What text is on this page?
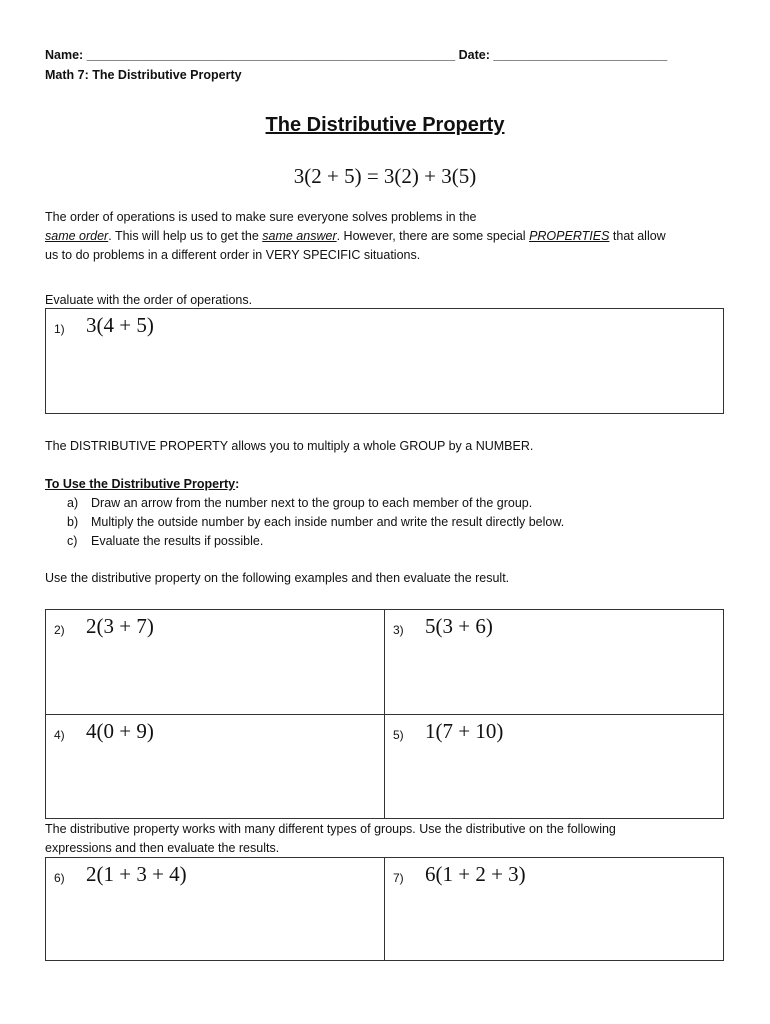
Name: _____________________________________________________ Date: _________________________
Math 7: The Distributive Property
The Distributive Property
3(2 + 5) = 3(2) + 3(5)
The order of operations is used to make sure everyone solves problems in the
same order. This will help us to get the same answer. However, there are some special PROPERTIES that allow
us to do problems in a different order in VERY SPECIFIC situations.
Evaluate with the order of operations.
1) 3(4 + 5)
The DISTRIBUTIVE PROPERTY allows you to multiply a whole GROUP by a NUMBER.
To Use the Distributive Property:
a) Draw an arrow from the number next to the group to each member of the group.
b) Multiply the outside number by each inside number and write the result directly below.
c) Evaluate the results if possible.
Use the distributive property on the following examples and then evaluate the result.
2) 2(3 + 7)	3) 5(3 + 6)
4) 4(0 + 9)	5) 1(7 + 10)
The distributive property works with many different types of groups. Use the distributive on the following
expressions and then evaluate the results.
6) 2(1 + 3 + 4)	7) 6(1 + 2 + 3)
